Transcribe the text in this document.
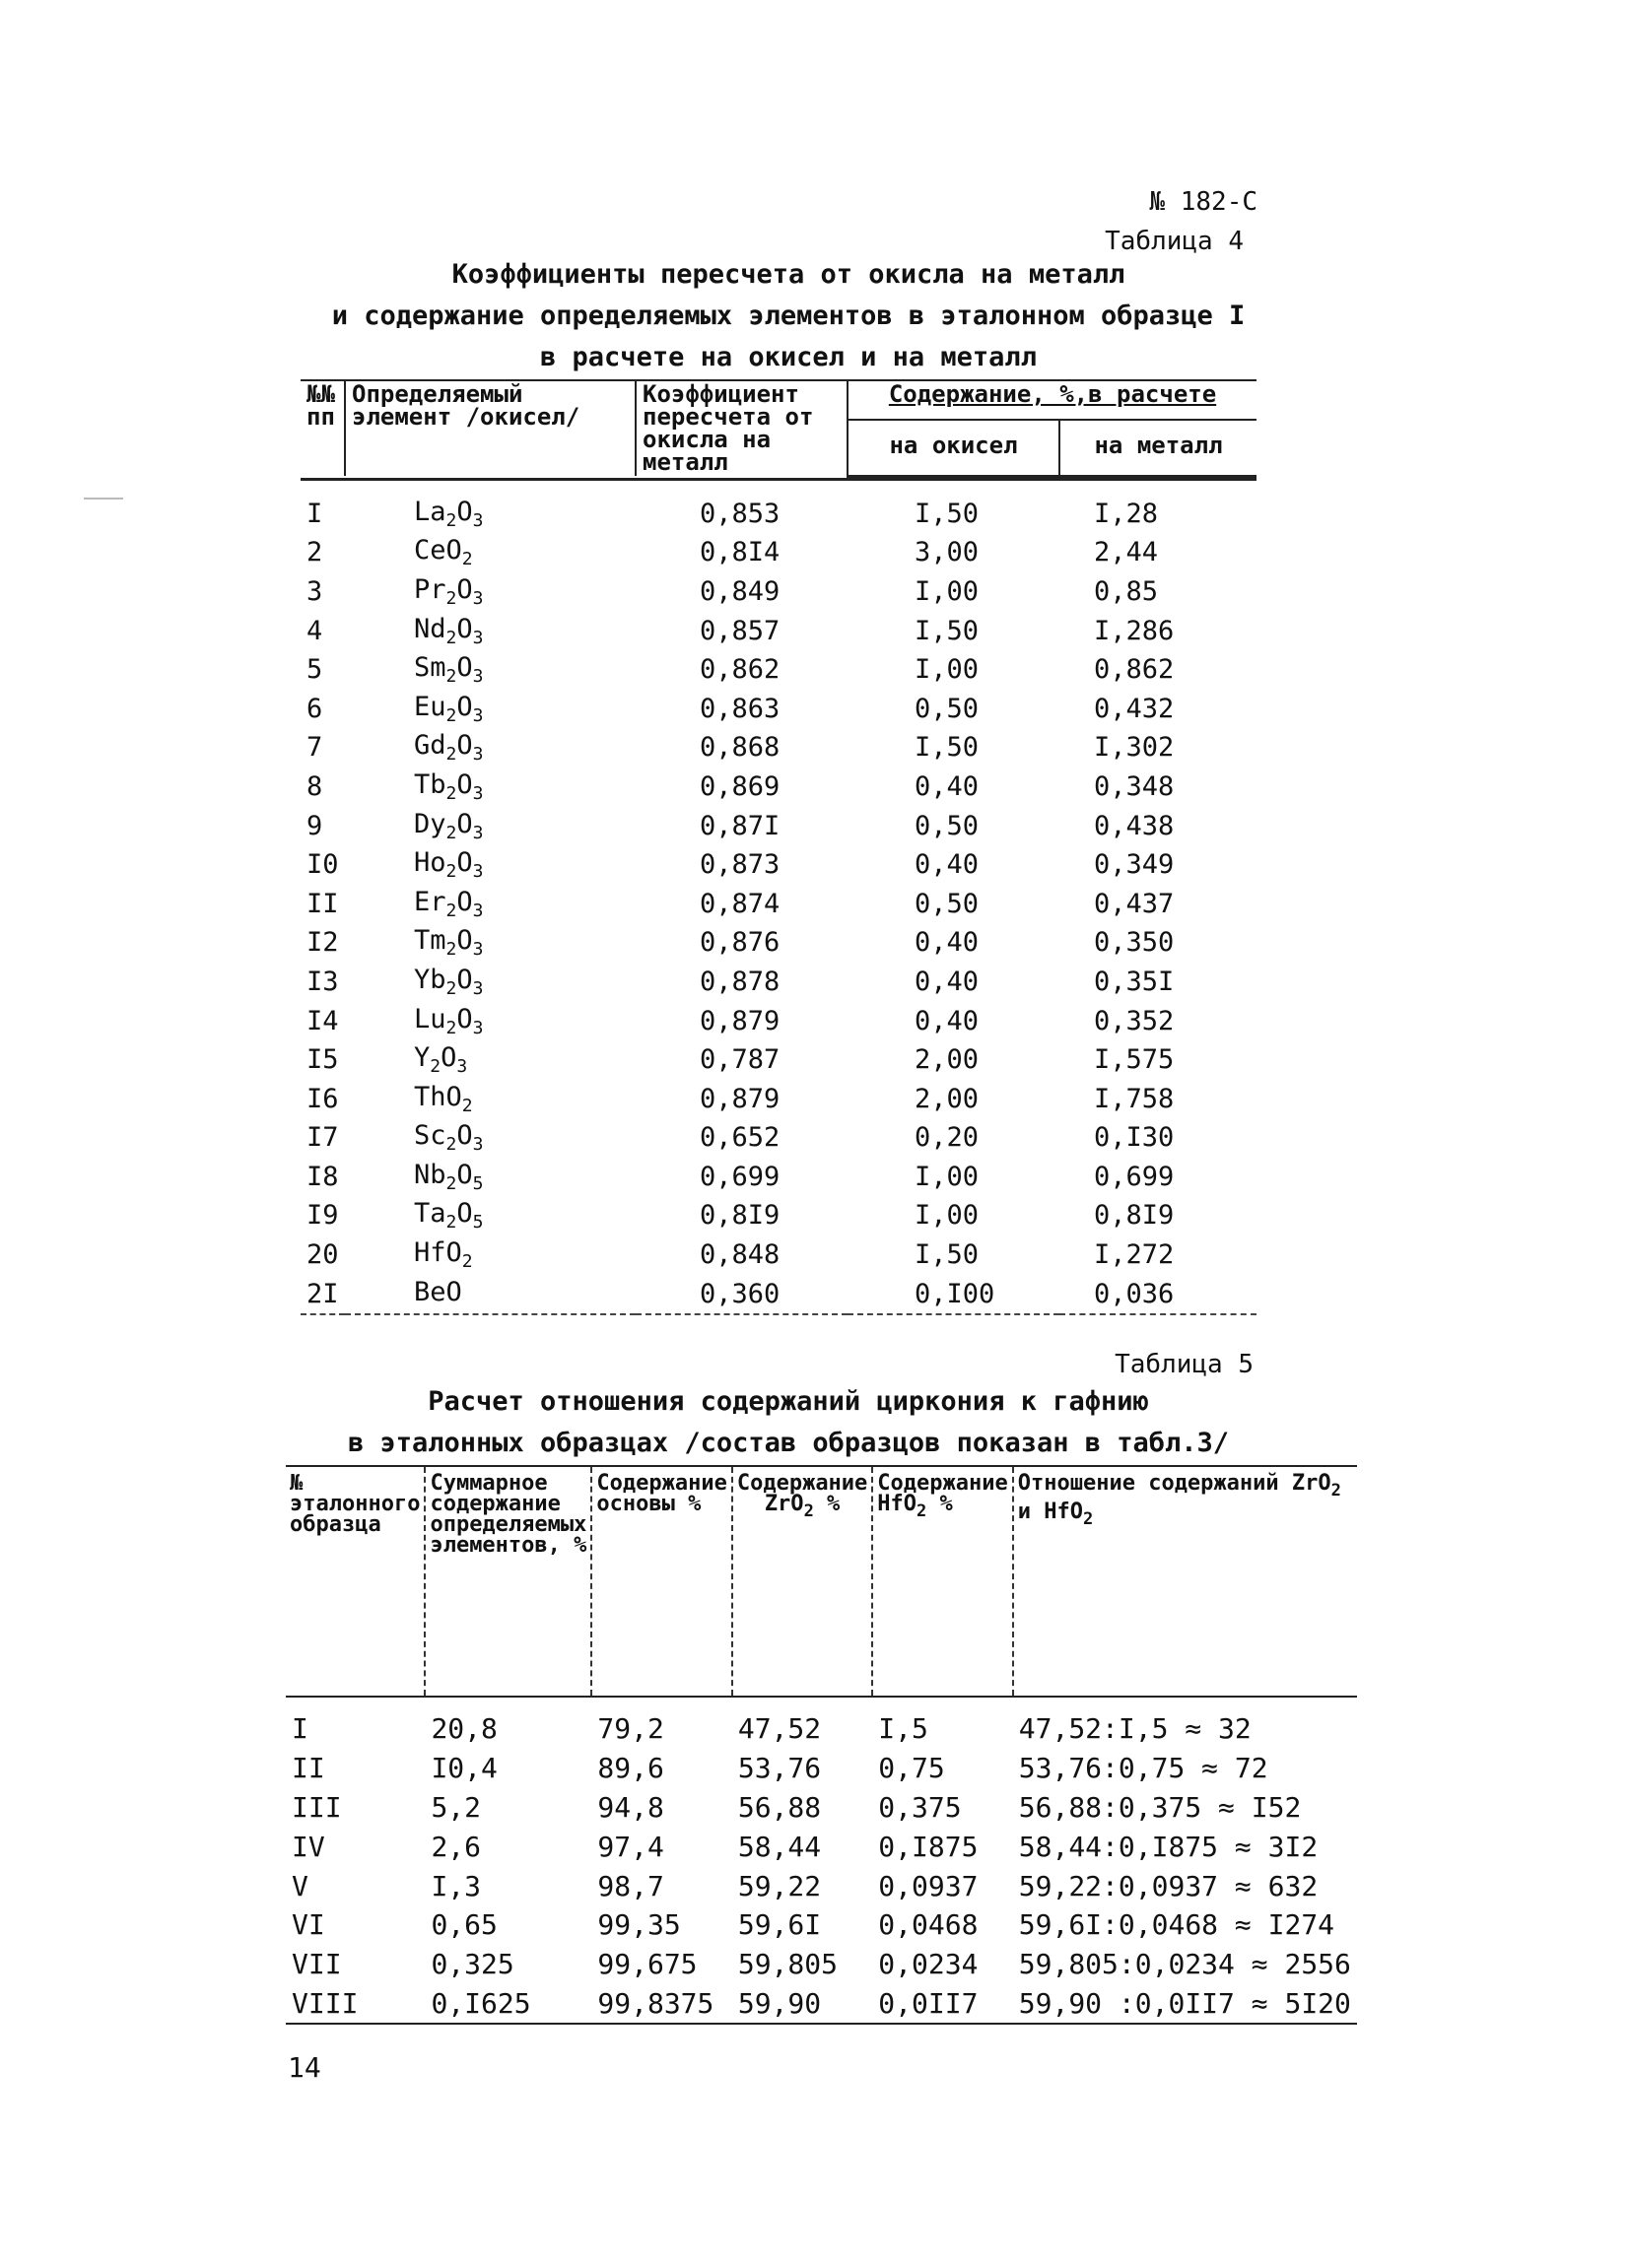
№ 182-С
Таблица 4
Коэффициенты пересчета от окисла на металл
и содержание определяемых элементов в эталонном образце I
в расчете на окисел и на металл
№№ пп	Определяемый элемент /окисел/	Коэффициент пересчета от окисла на металл	Содержание, %,в расчете	
			на окисел	на металл

I	$La_2O_3$	0,853	I,50	I,28
2	CeO$_2$	0,8I4	3,00	2,44
3	$Pr_2O_3$	0,849	I,00	0,85
4	$Nd_2O_3$	0,857	I,50	I,286
5	$Sm_2O_3$	0,862	I,00	0,862
6	$Eu_2O_3$	0,863	0,50	0,432
7	$Gd_2O_3$	0,868	I,50	I,302
8	$Tb_2O_3$	0,869	0,40	0,348
9	$Dy_2O_3$	0,87I	0,50	0,438
I0	$Ho_2O_3$	0,873	0,40	0,349
II	$Er_2O_3$	0,874	0,50	0,437
I2	$Tm_2O_3$	0,876	0,40	0,350
I3	$Yb_2O_3$	0,878	0,40	0,35I
I4	$Lu_2O_3$	0,879	0,40	0,352
I5	$Y_2O_3$	0,787	2,00	I,575
I6	ThO$_2$	0,879	2,00	I,758
I7	$Sc_2O_3$	0,652	0,20	0,I30
I8	$Nb_2O_5$	0,699	I,00	0,699
I9	$Ta_2O_5$	0,8I9	I,00	0,8I9
20	HfO$_2$	0,848	I,50	I,272
2I	BeO	0,360	0,I00	0,036

Таблица 5
Расчет отношения содержаний циркония к гафнию
в эталонных образцах /состав образцов показан в табл.3/
№ эталонного образца	Суммарное содержание определяемых элементов, %	Содержание основы %	Содержание ZrO$_2$ %	Содержание HfO$_2$ %	Отношение содержаний ZrO$_2$ и HfO$_2$
I	20,8	79,2	47,52	I,5	47,52:I,5 ≈ 32
II	I0,4	89,6	53,76	0,75	53,76:0,75 ≈ 72
III	5,2	94,8	56,88	0,375	56,88:0,375 ≈ I52
IV	2,6	97,4	58,44	0,I875	58,44:0,I875 ≈ 3I2
V	I,3	98,7	59,22	0,0937	59,22:0,0937 ≈ 632
VI	0,65	99,35	59,6I	0,0468	59,6I:0,0468 ≈ I274
VII	0,325	99,675	59,805	0,0234	59,805:0,0234 ≈ 2556
VIII	0,I625	99,8375	59,90	0,0II7	59,90 :0,0II7 ≈ 5I20

14
